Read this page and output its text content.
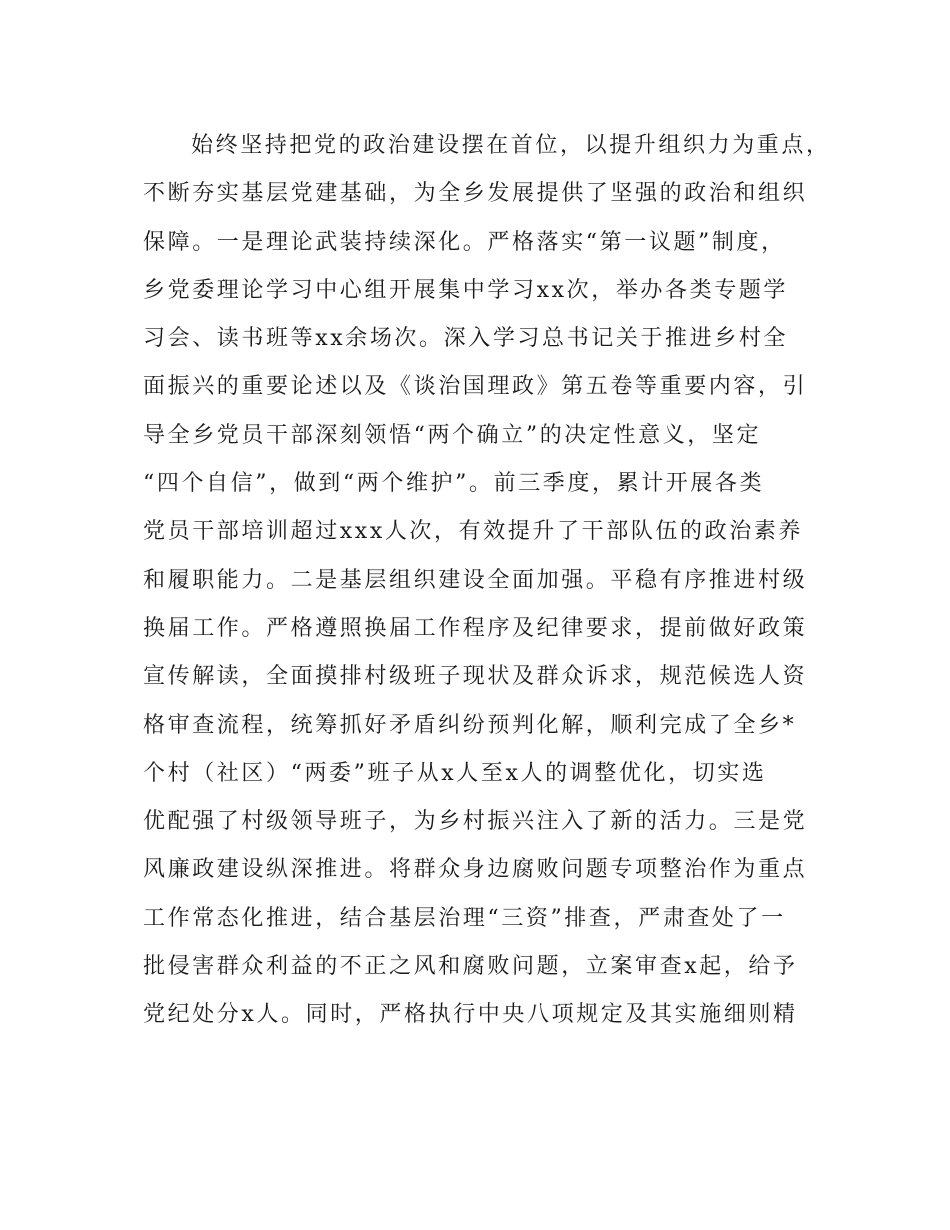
始终坚持把党的政治建设摆在首位，以提升组织力为重点，
不断夯实基层党建基础，为全乡发展提供了坚强的政治和组织
保障。一是理论武装持续深化。严格落实“第一议题”制度，
乡党委理论学习中心组开展集中学习xx次，举办各类专题学
习会、读书班等xx余场次。深入学习总书记关于推进乡村全
面振兴的重要论述以及《谈治国理政》第五卷等重要内容，引
导全乡党员干部深刻领悟“两个确立”的决定性意义，坚定
“四个自信”，做到“两个维护”。前三季度，累计开展各类
党员干部培训超过xxx人次，有效提升了干部队伍的政治素养
和履职能力。二是基层组织建设全面加强。平稳有序推进村级
换届工作。严格遵照换届工作程序及纪律要求，提前做好政策
宣传解读，全面摸排村级班子现状及群众诉求，规范候选人资
格审查流程，统筹抓好矛盾纠纷预判化解，顺利完成了全乡*
个村（社区）“两委”班子从x人至x人的调整优化，切实选
优配强了村级领导班子，为乡村振兴注入了新的活力。三是党
风廉政建设纵深推进。将群众身边腐败问题专项整治作为重点
工作常态化推进，结合基层治理“三资”排查，严肃查处了一
批侵害群众利益的不正之风和腐败问题，立案审查x起，给予
党纪处分x人。同时，严格执行中央八项规定及其实施细则精
